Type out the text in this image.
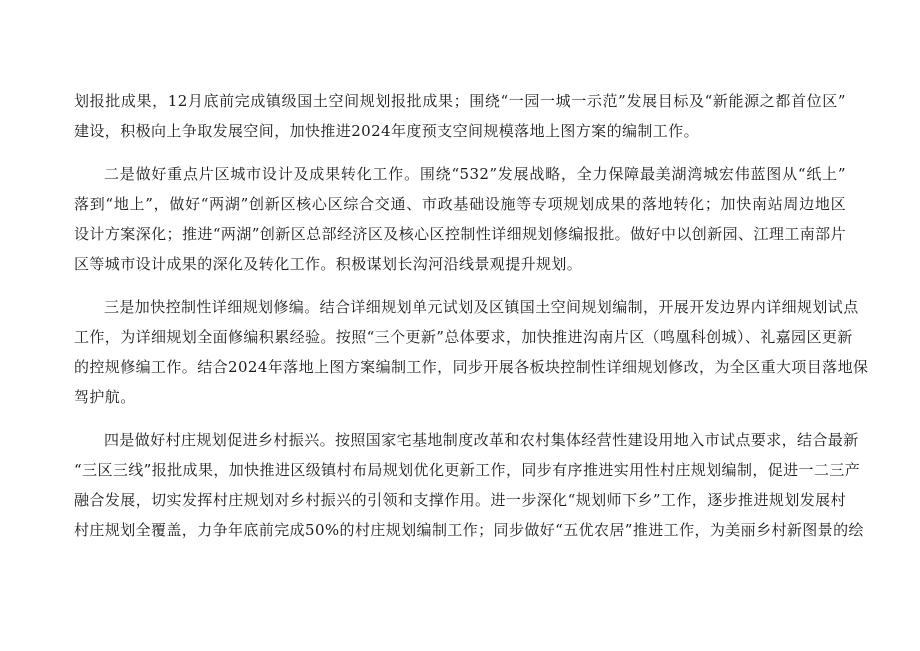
划报批成果，12月底前完成镇级国土空间规划报批成果；围绕“一园一城一示范”发展目标及“新能源之都首位区”
建设，积极向上争取发展空间，加快推进2024年度预支空间规模落地上图方案的编制工作。
二是做好重点片区城市设计及成果转化工作。围绕“532”发展战略，全力保障最美湖湾城宏伟蓝图从“纸上”
落到“地上”，做好“两湖”创新区核心区综合交通、市政基础设施等专项规划成果的落地转化；加快南站周边地区
设计方案深化；推进“两湖”创新区总部经济区及核心区控制性详细规划修编报批。做好中以创新园、江理工南部片
区等城市设计成果的深化及转化工作。积极谋划长沟河沿线景观提升规划。
三是加快控制性详细规划修编。结合详细规划单元试划及区镇国土空间规划编制，开展开发边界内详细规划试点
工作，为详细规划全面修编积累经验。按照“三个更新”总体要求，加快推进沟南片区（鸣凰科创城）、礼嘉园区更新
的控规修编工作。结合2024年落地上图方案编制工作，同步开展各板块控制性详细规划修改，为全区重大项目落地保
驾护航。
四是做好村庄规划促进乡村振兴。按照国家宅基地制度改革和农村集体经营性建设用地入市试点要求，结合最新
“三区三线”报批成果，加快推进区级镇村布局规划优化更新工作，同步有序推进实用性村庄规划编制，促进一二三产
融合发展，切实发挥村庄规划对乡村振兴的引领和支撑作用。进一步深化“规划师下乡”工作，逐步推进规划发展村
村庄规划全覆盖，力争年底前完成50%的村庄规划编制工作；同步做好“五优农居”推进工作，为美丽乡村新图景的绘
